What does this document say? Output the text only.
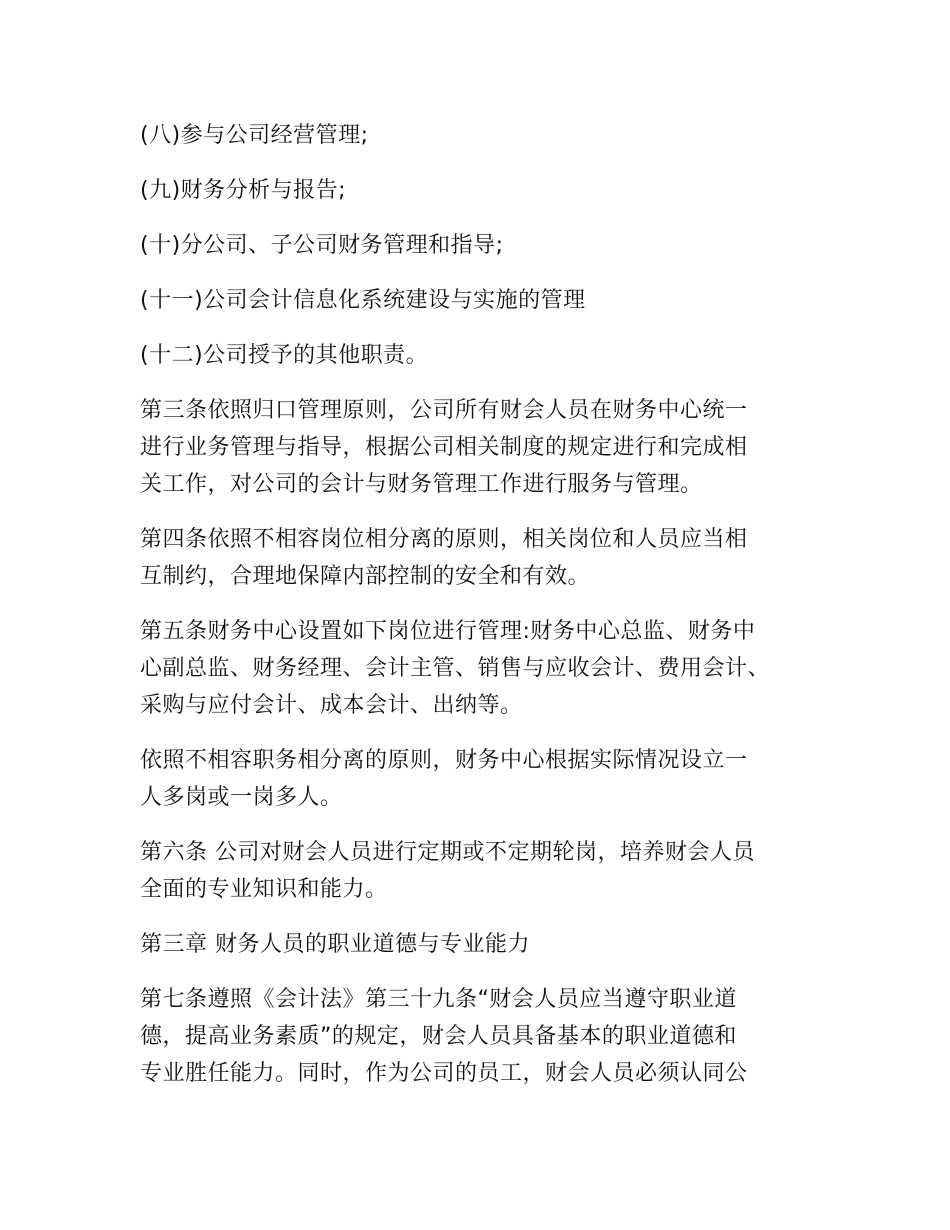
(八)参与公司经营管理;

(九)财务分析与报告;

(十)分公司、子公司财务管理和指导;

(十一)公司会计信息化系统建设与实施的管理

(十二)公司授予的其他职责。

第三条依照归口管理原则，公司所有财会人员在财务中心统一
进行业务管理与指导，根据公司相关制度的规定进行和完成相
关工作，对公司的会计与财务管理工作进行服务与管理。

第四条依照不相容岗位相分离的原则，相关岗位和人员应当相
互制约，合理地保障内部控制的安全和有效。

第五条财务中心设置如下岗位进行管理:财务中心总监、财务中
心副总监、财务经理、会计主管、销售与应收会计、费用会计、
采购与应付会计、成本会计、出纳等。

依照不相容职务相分离的原则，财务中心根据实际情况设立一
人多岗或一岗多人。

第六条 公司对财会人员进行定期或不定期轮岗，培养财会人员
全面的专业知识和能力。

第三章 财务人员的职业道德与专业能力

第七条遵照《会计法》第三十九条“财会人员应当遵守职业道
德，提高业务素质”的规定，财会人员具备基本的职业道德和
专业胜任能力。同时，作为公司的员工，财会人员必须认同公
